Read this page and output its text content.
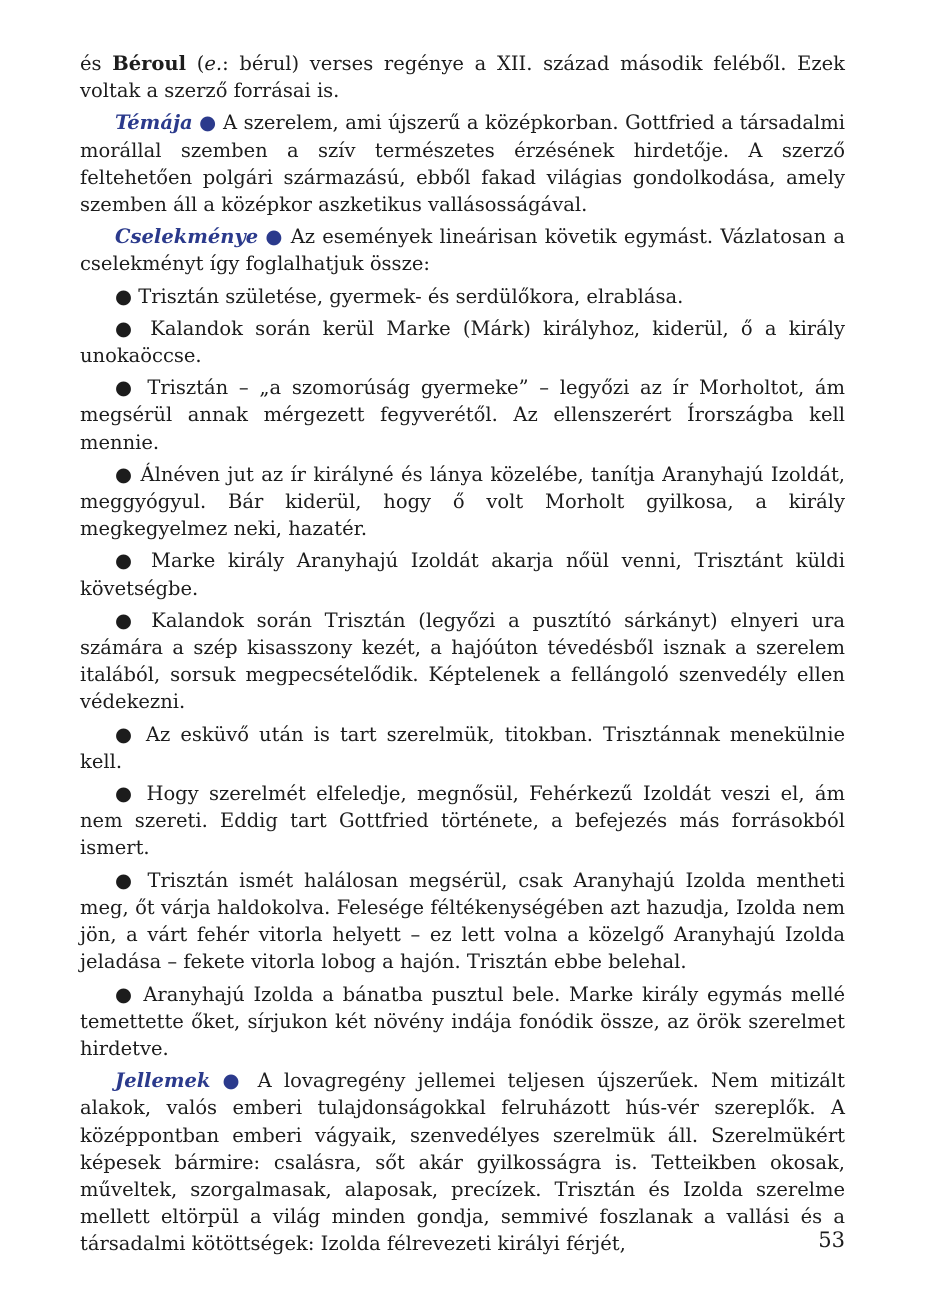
és Béroul (e.: bérul) verses regénye a XII. század második feléből. Ezek voltak a szerző forrásai is.

Témája ● A szerelem, ami újszerű a középkorban. Gottfried a társadalmi morállal szemben a szív természetes érzésének hirdetője. A szerző feltehetően polgári származású, ebből fakad világias gondolkodása, amely szemben áll a középkor aszketikus vallásosságával.

Cselekménye ● Az események lineárisan követik egymást. Vázlatosan a cselekményt így foglalhatjuk össze:

● Trisztán születése, gyermek- és serdülőkora, elrablása.

● Kalandok során kerül Marke (Márk) királyhoz, kiderül, ő a király unokaöccse.

● Trisztán – „a szomorúság gyermeke” – legyőzi az ír Morholtot, ám megsérül annak mérgezett fegyverétől. Az ellenszerért Írországba kell mennie.

● Álnéven jut az ír királyné és lánya közelébe, tanítja Aranyhajú Izoldát, meggyógyul. Bár kiderül, hogy ő volt Morholt gyilkosa, a király megkegyelmez neki, hazatér.

● Marke király Aranyhajú Izoldát akarja nőül venni, Trisztánt küldi követségbe.

● Kalandok során Trisztán (legyőzi a pusztító sárkányt) elnyeri ura számára a szép kisasszony kezét, a hajóúton tévedésből isznak a szerelem italából, sorsuk megpecsételődik. Képtelenek a fellángoló szenvedély ellen védekezni.

● Az esküvő után is tart szerelmük, titokban. Trisztánnak menekülnie kell.

● Hogy szerelmét elfeledje, megnősül, Fehérkezű Izoldát veszi el, ám nem szereti. Eddig tart Gottfried története, a befejezés más forrásokból ismert.

● Trisztán ismét halálosan megsérül, csak Aranyhajú Izolda mentheti meg, őt várja haldokolva. Felesége féltékenységében azt hazudja, Izolda nem jön, a várt fehér vitorla helyett – ez lett volna a közelgő Aranyhajú Izolda jeladása – fekete vitorla lobog a hajón. Trisztán ebbe belehal.

● Aranyhajú Izolda a bánatba pusztul bele. Marke király egymás mellé temettette őket, sírjukon két növény indája fonódik össze, az örök szerelmet hirdetve.

Jellemek ● A lovagregény jellemei teljesen újszerűek. Nem mitizált alakok, valós emberi tulajdonságokkal felruházott hús-vér szereplők. A középpontban emberi vágyaik, szenvedélyes szerelmük áll. Szerelmükért képesek bármire: csalásra, sőt akár gyilkosságra is. Tetteikben okosak, műveltek, szorgalmasak, alaposak, precízek. Trisztán és Izolda szerelme mellett eltörpül a világ minden gondja, semmivé foszlanak a vallási és a társadalmi kötöttségek: Izolda félrevezeti királyi férjét,	53
